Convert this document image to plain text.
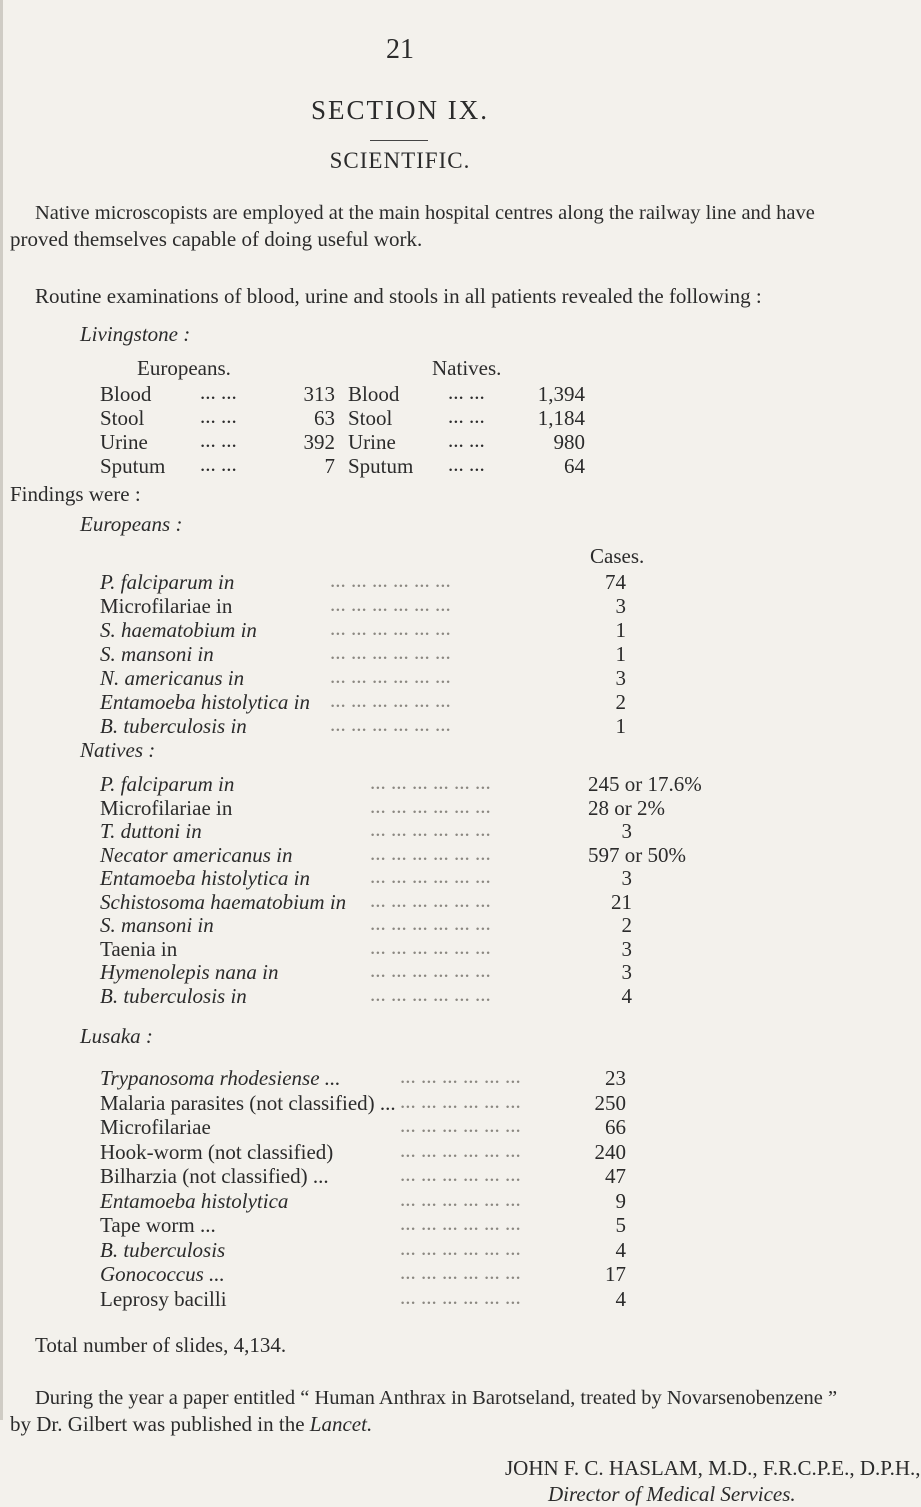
21
SECTION IX.
SCIENTIFIC.
Native microscopists are employed at the main hospital centres along the railway line and have
proved themselves capable of doing useful work.
Routine examinations of blood, urine and stools in all patients revealed the following :
Livingstone :
Europeans.	Natives.
Blood ... ...	313 Blood ... ...	1,394
Stool	... ...	63 Stool	... ...	1,184
Urine ... ...	392 Urine ... ...	980
Sputum ... ...	7 Sputum ... ...	64
Findings were :
Europeans :
Cases.
P. falciparum in	... ... ... ... ... ...	74
Microfilariae in	... ... ... ... ... ...	3
S. haematobium in	... ... ... ... ... ...	1
S. mansoni in	... ... ... ... ... ...	1
N. americanus in	... ... ... ... ... ...	3
Entamoeba histolytica in ... ... ... ... ... ...	2
B. tuberculosis in	... ... ... ... ... ...	1
Natives :
P. falciparum in	... ... ... ... ... ...	245 or 17.6%
Microfilariae in	... ... ... ... ... ...	28 or 2%
T. duttoni in	... ... ... ... ... ...	3
Necator americanus in	... ... ... ... ... ...	597 or 50%
Entamoeba histolytica in	... ... ... ... ... ...	3
Schistosoma haematobium in ... ... ... ... ... ...	21
S. mansoni in	... ... ... ... ... ...	2
Taenia in	... ... ... ... ... ...	3
Hymenolepis nana in	... ... ... ... ... ...	3
B. tuberculosis in	... ... ... ... ... ...	4
Lusaka :
Trypanosoma rhodesiense ...	... ... ... ... ... ...	23
Malaria parasites (not classified) ... ... ... ... ... ... ...	250
Microfilariae	... ... ... ... ... ...	66
Hook-worm (not classified)	... ... ... ... ... ...	240
Bilharzia (not classified) ...	... ... ... ... ... ...	47
Entamoeba histolytica	... ... ... ... ... ...	9
Tape worm ...	... ... ... ... ... ...	5
B. tuberculosis	... ... ... ... ... ...	4
Gonococcus ...	... ... ... ... ... ...	17
Leprosy bacilli	... ... ... ... ... ...	4
Total number of slides, 4,134.
During the year a paper entitled “ Human Anthrax in Barotseland, treated by Novarsenobenzene ”
by Dr. Gilbert was published in the Lancet.
JOHN F. C. HASLAM, M.D., F.R.C.P.E., D.P.H.,
Director of Medical Services.
